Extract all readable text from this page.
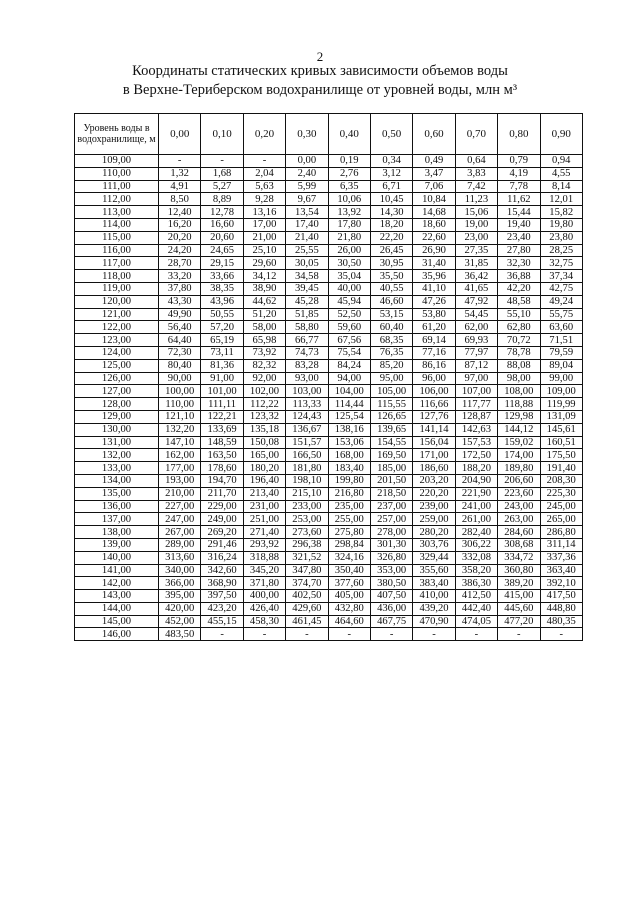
2
Координаты статических кривых зависимости объемов воды
в Верхне-Териберском водохранилище от уровней воды, млн м³
Уровень воды в водохранилище, м	0,00	0,10	0,20	0,30	0,40	0,50	0,60	0,70	0,80	0,90
109,00	-	-	-	0,00	0,19	0,34	0,49	0,64	0,79	0,94
110,00	1,32	1,68	2,04	2,40	2,76	3,12	3,47	3,83	4,19	4,55
111,00	4,91	5,27	5,63	5,99	6,35	6,71	7,06	7,42	7,78	8,14
112,00	8,50	8,89	9,28	9,67	10,06	10,45	10,84	11,23	11,62	12,01
113,00	12,40	12,78	13,16	13,54	13,92	14,30	14,68	15,06	15,44	15,82
114,00	16,20	16,60	17,00	17,40	17,80	18,20	18,60	19,00	19,40	19,80
115,00	20,20	20,60	21,00	21,40	21,80	22,20	22,60	23,00	23,40	23,80
116,00	24,20	24,65	25,10	25,55	26,00	26,45	26,90	27,35	27,80	28,25
117,00	28,70	29,15	29,60	30,05	30,50	30,95	31,40	31,85	32,30	32,75
118,00	33,20	33,66	34,12	34,58	35,04	35,50	35,96	36,42	36,88	37,34
119,00	37,80	38,35	38,90	39,45	40,00	40,55	41,10	41,65	42,20	42,75
120,00	43,30	43,96	44,62	45,28	45,94	46,60	47,26	47,92	48,58	49,24
121,00	49,90	50,55	51,20	51,85	52,50	53,15	53,80	54,45	55,10	55,75
122,00	56,40	57,20	58,00	58,80	59,60	60,40	61,20	62,00	62,80	63,60
123,00	64,40	65,19	65,98	66,77	67,56	68,35	69,14	69,93	70,72	71,51
124,00	72,30	73,11	73,92	74,73	75,54	76,35	77,16	77,97	78,78	79,59
125,00	80,40	81,36	82,32	83,28	84,24	85,20	86,16	87,12	88,08	89,04
126,00	90,00	91,00	92,00	93,00	94,00	95,00	96,00	97,00	98,00	99,00
127,00	100,00	101,00	102,00	103,00	104,00	105,00	106,00	107,00	108,00	109,00
128,00	110,00	111,11	112,22	113,33	114,44	115,55	116,66	117,77	118,88	119,99
129,00	121,10	122,21	123,32	124,43	125,54	126,65	127,76	128,87	129,98	131,09
130,00	132,20	133,69	135,18	136,67	138,16	139,65	141,14	142,63	144,12	145,61
131,00	147,10	148,59	150,08	151,57	153,06	154,55	156,04	157,53	159,02	160,51
132,00	162,00	163,50	165,00	166,50	168,00	169,50	171,00	172,50	174,00	175,50
133,00	177,00	178,60	180,20	181,80	183,40	185,00	186,60	188,20	189,80	191,40
134,00	193,00	194,70	196,40	198,10	199,80	201,50	203,20	204,90	206,60	208,30
135,00	210,00	211,70	213,40	215,10	216,80	218,50	220,20	221,90	223,60	225,30
136,00	227,00	229,00	231,00	233,00	235,00	237,00	239,00	241,00	243,00	245,00
137,00	247,00	249,00	251,00	253,00	255,00	257,00	259,00	261,00	263,00	265,00
138,00	267,00	269,20	271,40	273,60	275,80	278,00	280,20	282,40	284,60	286,80
139,00	289,00	291,46	293,92	296,38	298,84	301,30	303,76	306,22	308,68	311,14
140,00	313,60	316,24	318,88	321,52	324,16	326,80	329,44	332,08	334,72	337,36
141,00	340,00	342,60	345,20	347,80	350,40	353,00	355,60	358,20	360,80	363,40
142,00	366,00	368,90	371,80	374,70	377,60	380,50	383,40	386,30	389,20	392,10
143,00	395,00	397,50	400,00	402,50	405,00	407,50	410,00	412,50	415,00	417,50
144,00	420,00	423,20	426,40	429,60	432,80	436,00	439,20	442,40	445,60	448,80
145,00	452,00	455,15	458,30	461,45	464,60	467,75	470,90	474,05	477,20	480,35
146,00	483,50	-	-	-	-	-	-	-	-	-
